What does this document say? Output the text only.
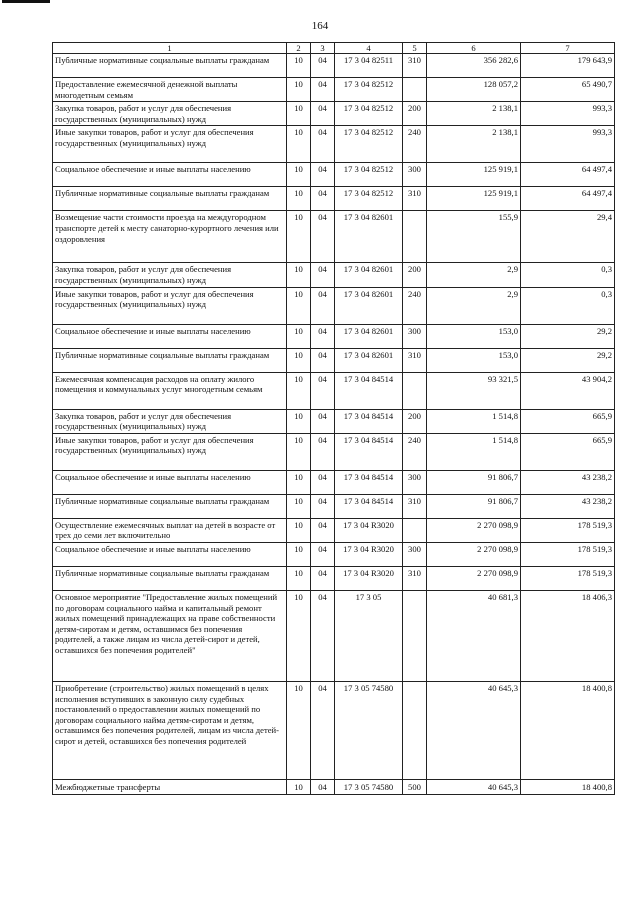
164
1	2	3	4	5	6	7
Публичные нормативные социальные выплаты гражданам	10	04	17 3 04 82511	310	356 282,6	179 643,9
Предоставление ежемесячной денежной выплаты многодетным семьям	10	04	17 3 04 82512		128 057,2	65 490,7
Закупка товаров, работ и услуг для обеспечения государственных (муниципальных) нужд	10	04	17 3 04 82512	200	2 138,1	993,3
Иные закупки товаров, работ и услуг для обеспечения государственных (муниципальных) нужд	10	04	17 3 04 82512	240	2 138,1	993,3
Социальное обеспечение и иные выплаты населению	10	04	17 3 04 82512	300	125 919,1	64 497,4
Публичные нормативные социальные выплаты гражданам	10	04	17 3 04 82512	310	125 919,1	64 497,4
Возмещение части стоимости проезда на междугородном транспорте детей к месту санаторно-курортного лечения или оздоровления	10	04	17 3 04 82601		155,9	29,4
Закупка товаров, работ и услуг для обеспечения государственных (муниципальных) нужд	10	04	17 3 04 82601	200	2,9	0,3
Иные закупки товаров, работ и услуг для обеспечения государственных (муниципальных) нужд	10	04	17 3 04 82601	240	2,9	0,3
Социальное обеспечение и иные выплаты населению	10	04	17 3 04 82601	300	153,0	29,2
Публичные нормативные социальные выплаты гражданам	10	04	17 3 04 82601	310	153,0	29,2
Ежемесячная компенсация расходов на оплату жилого помещения и коммунальных услуг многодетным семьям	10	04	17 3 04 84514		93 321,5	43 904,2
Закупка товаров, работ и услуг для обеспечения государственных (муниципальных) нужд	10	04	17 3 04 84514	200	1 514,8	665,9
Иные закупки товаров, работ и услуг для обеспечения государственных (муниципальных) нужд	10	04	17 3 04 84514	240	1 514,8	665,9
Социальное обеспечение и иные выплаты населению	10	04	17 3 04 84514	300	91 806,7	43 238,2
Публичные нормативные социальные выплаты гражданам	10	04	17 3 04 84514	310	91 806,7	43 238,2
Осуществление ежемесячных выплат на детей в возрасте от трех до семи лет включительно	10	04	17 3 04 R3020		2 270 098,9	178 519,3
Социальное обеспечение и иные выплаты населению	10	04	17 3 04 R3020	300	2 270 098,9	178 519,3
Публичные нормативные социальные выплаты гражданам	10	04	17 3 04 R3020	310	2 270 098,9	178 519,3
Основное мероприятие "Предоставление жилых помещений по договорам социального найма и капитальный ремонт жилых помещений принадлежащих на праве собственности детям-сиротам и детям, оставшимся без попечения родителей, а также лицам из числа детей-сирот и детей, оставшихся без попечения родителей"	10	04	17 3 05		40 681,3	18 406,3
Приобретение (строительство) жилых помещений в целях исполнения вступивших в законную силу судебных постановлений о предоставлении жилых помещений по договорам социального найма детям-сиротам и детям, оставшимся без попечения родителей, лицам из числа детей-сирот и детей, оставшихся без попечения родителей	10	04	17 3 05 74580		40 645,3	18 400,8
Межбюджетные трансферты	10	04	17 3 05 74580	500	40 645,3	18 400,8
